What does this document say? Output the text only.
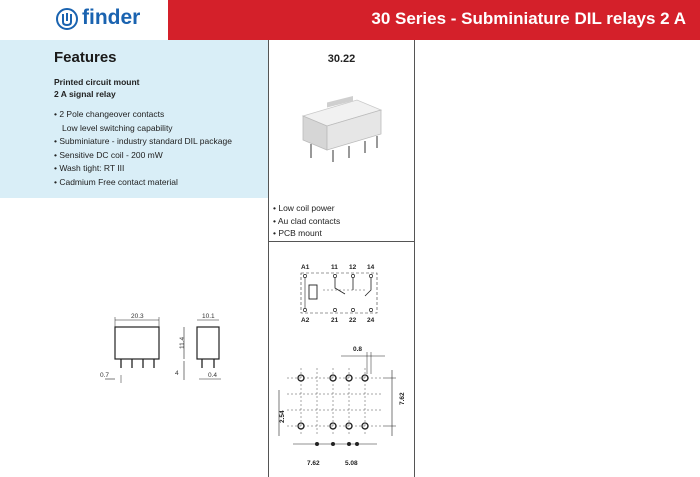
finder	30 Series - Subminiature DIL relays 2 A
Features
Printed circuit mount
2 A signal relay
• 2 Pole changeover contacts
Low level switching capability
• Subminiature - industry standard DIL package
• Sensitive DC coil - 200 mW
• Wash tight: RT III
• Cadmium Free contact material
20.3
0.7
10.1
11.4
4	0.4
30.22
• Low coil power
• Au clad contacts
• PCB mount
A1	11 12 14
A2	21 22 24
0.8
7.62
2.54
7.62	5.08
